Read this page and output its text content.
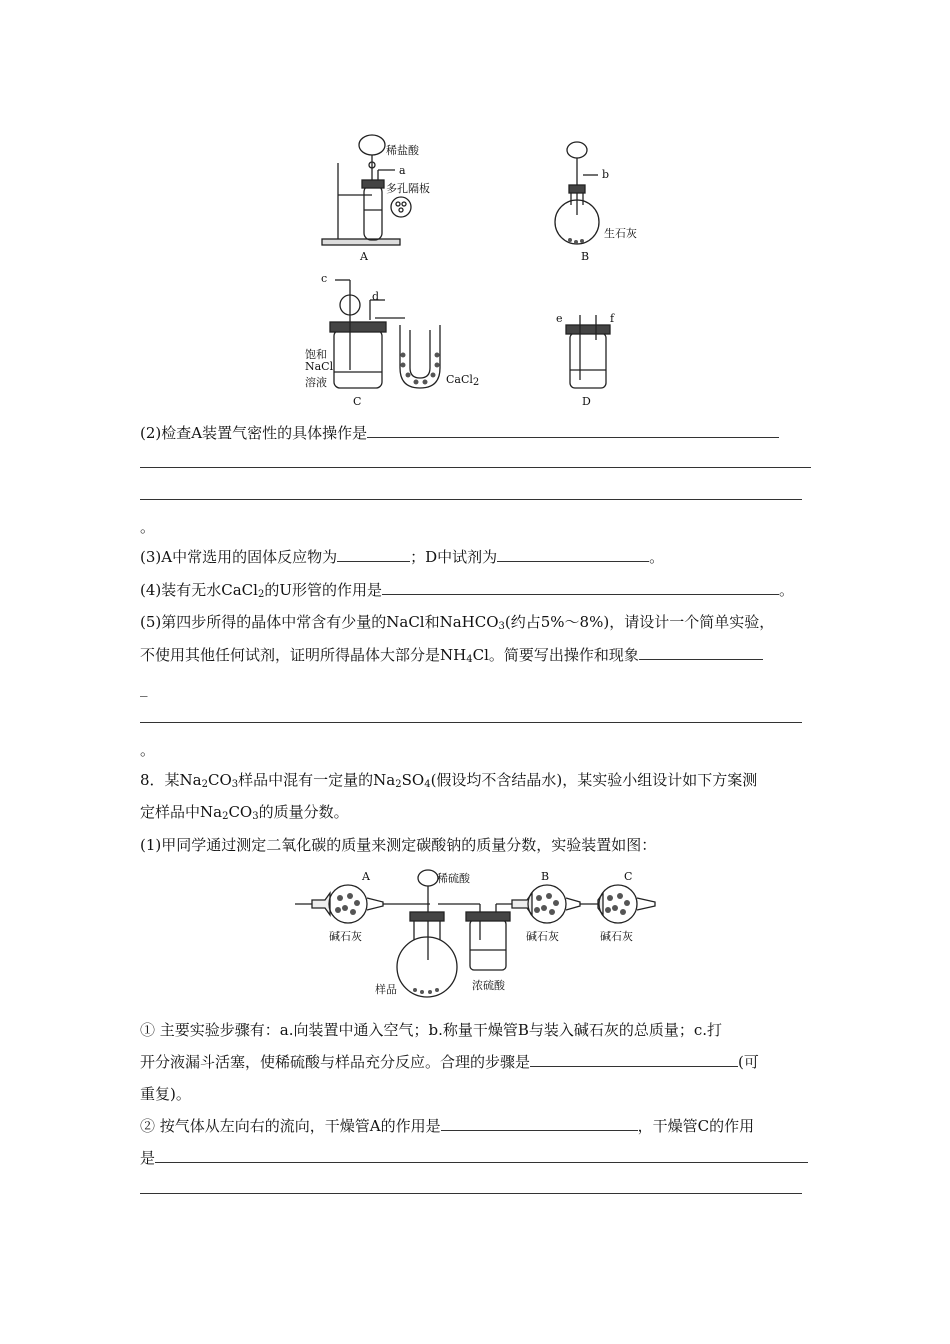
稀盐酸
a
多孔隔板
A
b
生石灰
B
c
d
饱和
NaCl
溶液	CaCl$_2$
C
e	f
D
(2)检查A装置气密性的具体操作是
。
(3)A中常选用的固体反应物为	；D中试剂为	。
(4)装有无水CaCl$_2$的U形管的作用是	。
(5)第四步所得的晶体中常含有少量的NaCl和NaHCO$_3$(约占5%～8%)，请设计一个简单实验，
不使用其他任何试剂，证明所得晶体大部分是$NH_4Cl$。简要写出操作和现象
_
。
8．某$Na_2CO_3$样品中混有一定量的$Na_2SO_4$(假设均不含结晶水)，某实验小组设计如下方案测
定样品中$Na_2CO_3$的质量分数。
(1)甲同学通过测定二氧化碳的质量来测定碳酸钠的质量分数，实验装置如图：
A	稀硫酸	B	C
碱石灰	碱石灰	碱石灰
浓硫酸
样品
① 主要实验步骤有：a.向装置中通入空气；b.称量干燥管B与装入碱石灰的总质量；c.打
开分液漏斗活塞，使稀硫酸与样品充分反应。合理的步骤是	(可
重复)。
② 按气体从左向右的流向，干燥管A的作用是	，干燥管C的作用
是
